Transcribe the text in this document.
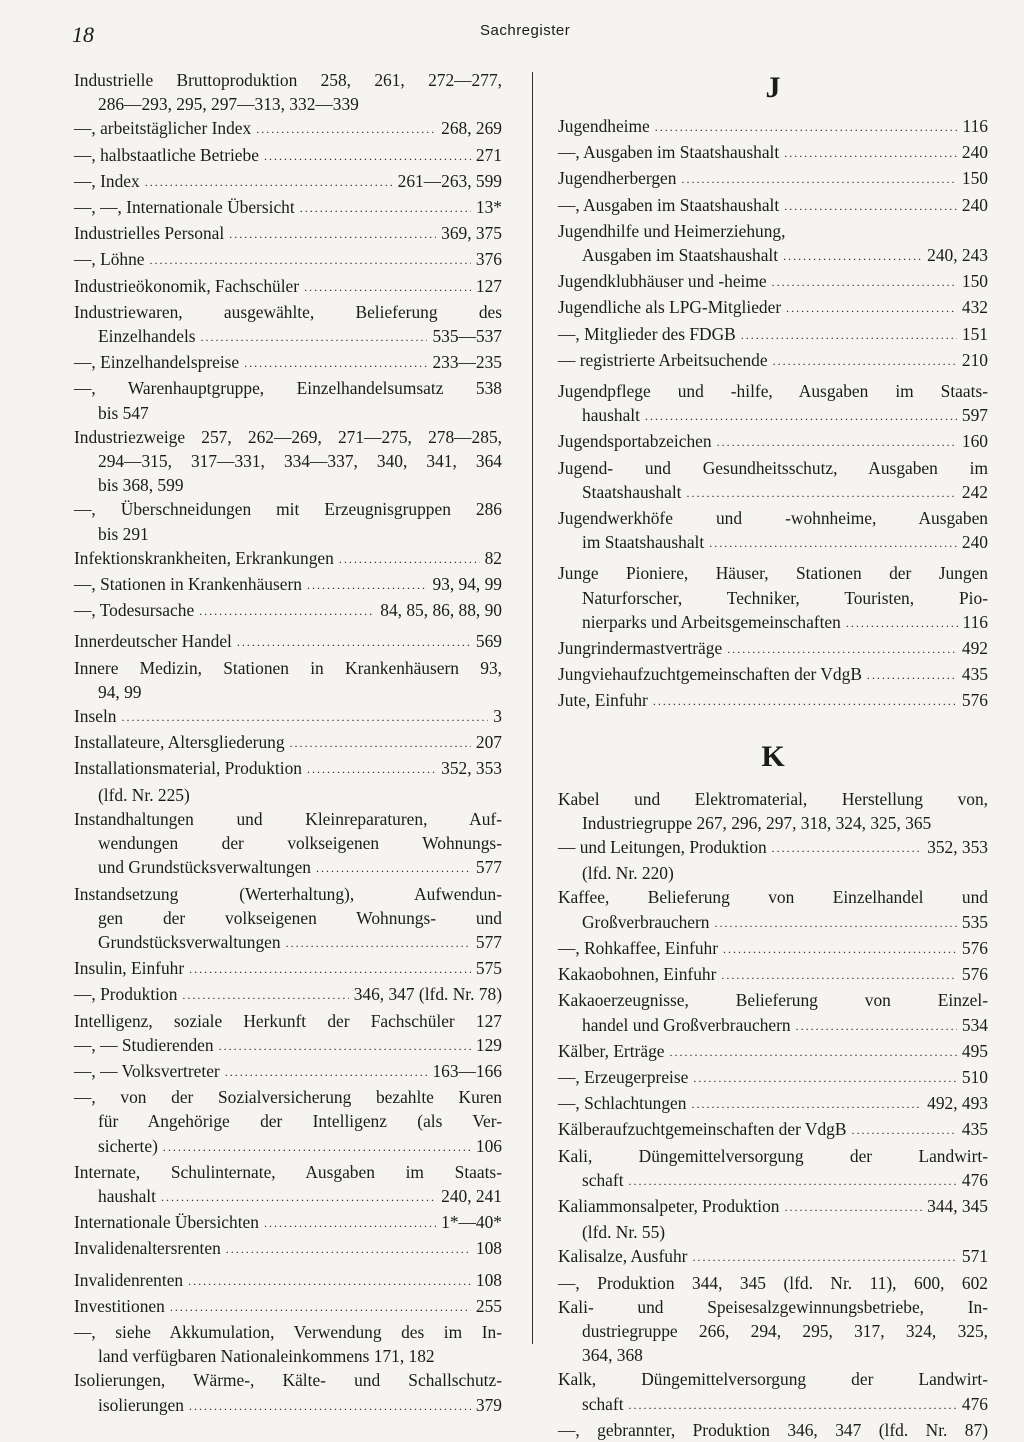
18	Sachregister
Industrielle Bruttoproduktion 258, 261, 272—277,
286—293, 295, 297—313, 332—339
—, arbeitstäglicher Index . . .	268, 269
—, halbstaatliche Betriebe . . .	271
—, Index . . .	261—263, 599
—, —, Internationale Übersicht . . .	13*
Industrielles Personal . . .	369, 375
—, Löhne . . .	376
Industrieökonomik, Fachschüler . . .	127
Industriewaren, ausgewählte, Belieferung des
Einzelhandels . . .	535—537
—, Einzelhandelspreise . . .	233—235
—, Warenhauptgruppe, Einzelhandelsumsatz 538
bis 547
Industriezweige 257, 262—269, 271—275, 278—285,
294—315, 317—331, 334—337, 340, 341, 364
bis 368, 599
—, Überschneidungen mit Erzeugnisgruppen 286
bis 291
Infektionskrankheiten, Erkrankungen . . .	82
—, Stationen in Krankenhäusern . . .	93, 94, 99
—, Todesursache . . .	84, 85, 86, 88, 90
Innerdeutscher Handel . . .	569
Innere Medizin, Stationen in Krankenhäusern 93,
94, 99
Inseln . . .	3
Installateure, Altersgliederung . . .	207
Installationsmaterial, Produktion . . .	352, 353
(lfd. Nr. 225)
Instandhaltungen und Kleinreparaturen, Auf-
wendungen der volkseigenen Wohnungs-
und Grundstücksverwaltungen . . .	577
Instandsetzung (Werterhaltung), Aufwendun-
gen der volkseigenen Wohnungs- und
Grundstücksverwaltungen . . .	577
Insulin, Einfuhr . . .	575
—, Produktion . . .	346, 347 (lfd. Nr. 78)
Intelligenz, soziale Herkunft der Fachschüler 127
—, — Studierenden . . .	129
—, — Volksvertreter . . .	163—166
—, von der Sozialversicherung bezahlte Kuren
für Angehörige der Intelligenz (als Ver-
sicherte) . . .	106
Internate, Schulinternate, Ausgaben im Staats-
haushalt . . .	240, 241
Internationale Übersichten . . .	1*—40*
Invalidenaltersrenten . . .	108
Invalidenrenten . . .	108
Investitionen . . .	255
—, siehe Akkumulation, Verwendung des im In-
land verfügbaren Nationaleinkommens 171, 182
Isolierungen, Wärme-, Kälte- und Schallschutz-
isolierungen . . .	379
J
Jugendheime . . .	116
—, Ausgaben im Staatshaushalt . . .	240
Jugendherbergen . . .	150
—, Ausgaben im Staatshaushalt . . .	240
Jugendhilfe und Heimerziehung,
Ausgaben im Staatshaushalt . . .	240, 243
Jugendklubhäuser und -heime . . .	150
Jugendliche als LPG-Mitglieder . . .	432
—, Mitglieder des FDGB . . .	151
— registrierte Arbeitsuchende . . .	210
Jugendpflege und -hilfe, Ausgaben im Staats-
haushalt . . .	597
Jugendsportabzeichen . . .	160
Jugend- und Gesundheitsschutz, Ausgaben im
Staatshaushalt . . .	242
Jugendwerkhöfe und -wohnheime, Ausgaben
im Staatshaushalt . . .	240
Junge Pioniere, Häuser, Stationen der Jungen
Naturforscher, Techniker, Touristen, Pio-
nierparks und Arbeitsgemeinschaften . . .	116
Jungrindermastverträge . . .	492
Jungviehaufzuchtgemeinschaften der VdgB . . .	435
Jute, Einfuhr . . .	576
K
Kabel und Elektromaterial, Herstellung von,
Industriegruppe 267, 296, 297, 318, 324, 325, 365
— und Leitungen, Produktion . . .	352, 353
(lfd. Nr. 220)
Kaffee, Belieferung von Einzelhandel und
Großverbrauchern . . .	535
—, Rohkaffee, Einfuhr . . .	576
Kakaobohnen, Einfuhr . . .	576
Kakaoerzeugnisse, Belieferung von Einzel-
handel und Großverbrauchern . . .	534
Kälber, Erträge . . .	495
—, Erzeugerpreise . . .	510
—, Schlachtungen . . .	492, 493
Kälberaufzuchtgemeinschaften der VdgB . . .	435
Kali, Düngemittelversorgung der Landwirt-
schaft . . .	476
Kaliammonsalpeter, Produktion . . .	344, 345
(lfd. Nr. 55)
Kalisalze, Ausfuhr . . .	571
—, Produktion 344, 345 (lfd. Nr. 11), 600, 602
Kali- und Speisesalzgewinnungsbetriebe, In-
dustriegruppe 266, 294, 295, 317, 324, 325,
364, 368
Kalk, Düngemittelversorgung der Landwirt-
schaft . . .	476
—, gebrannter, Produktion 346, 347 (lfd. Nr. 87)
